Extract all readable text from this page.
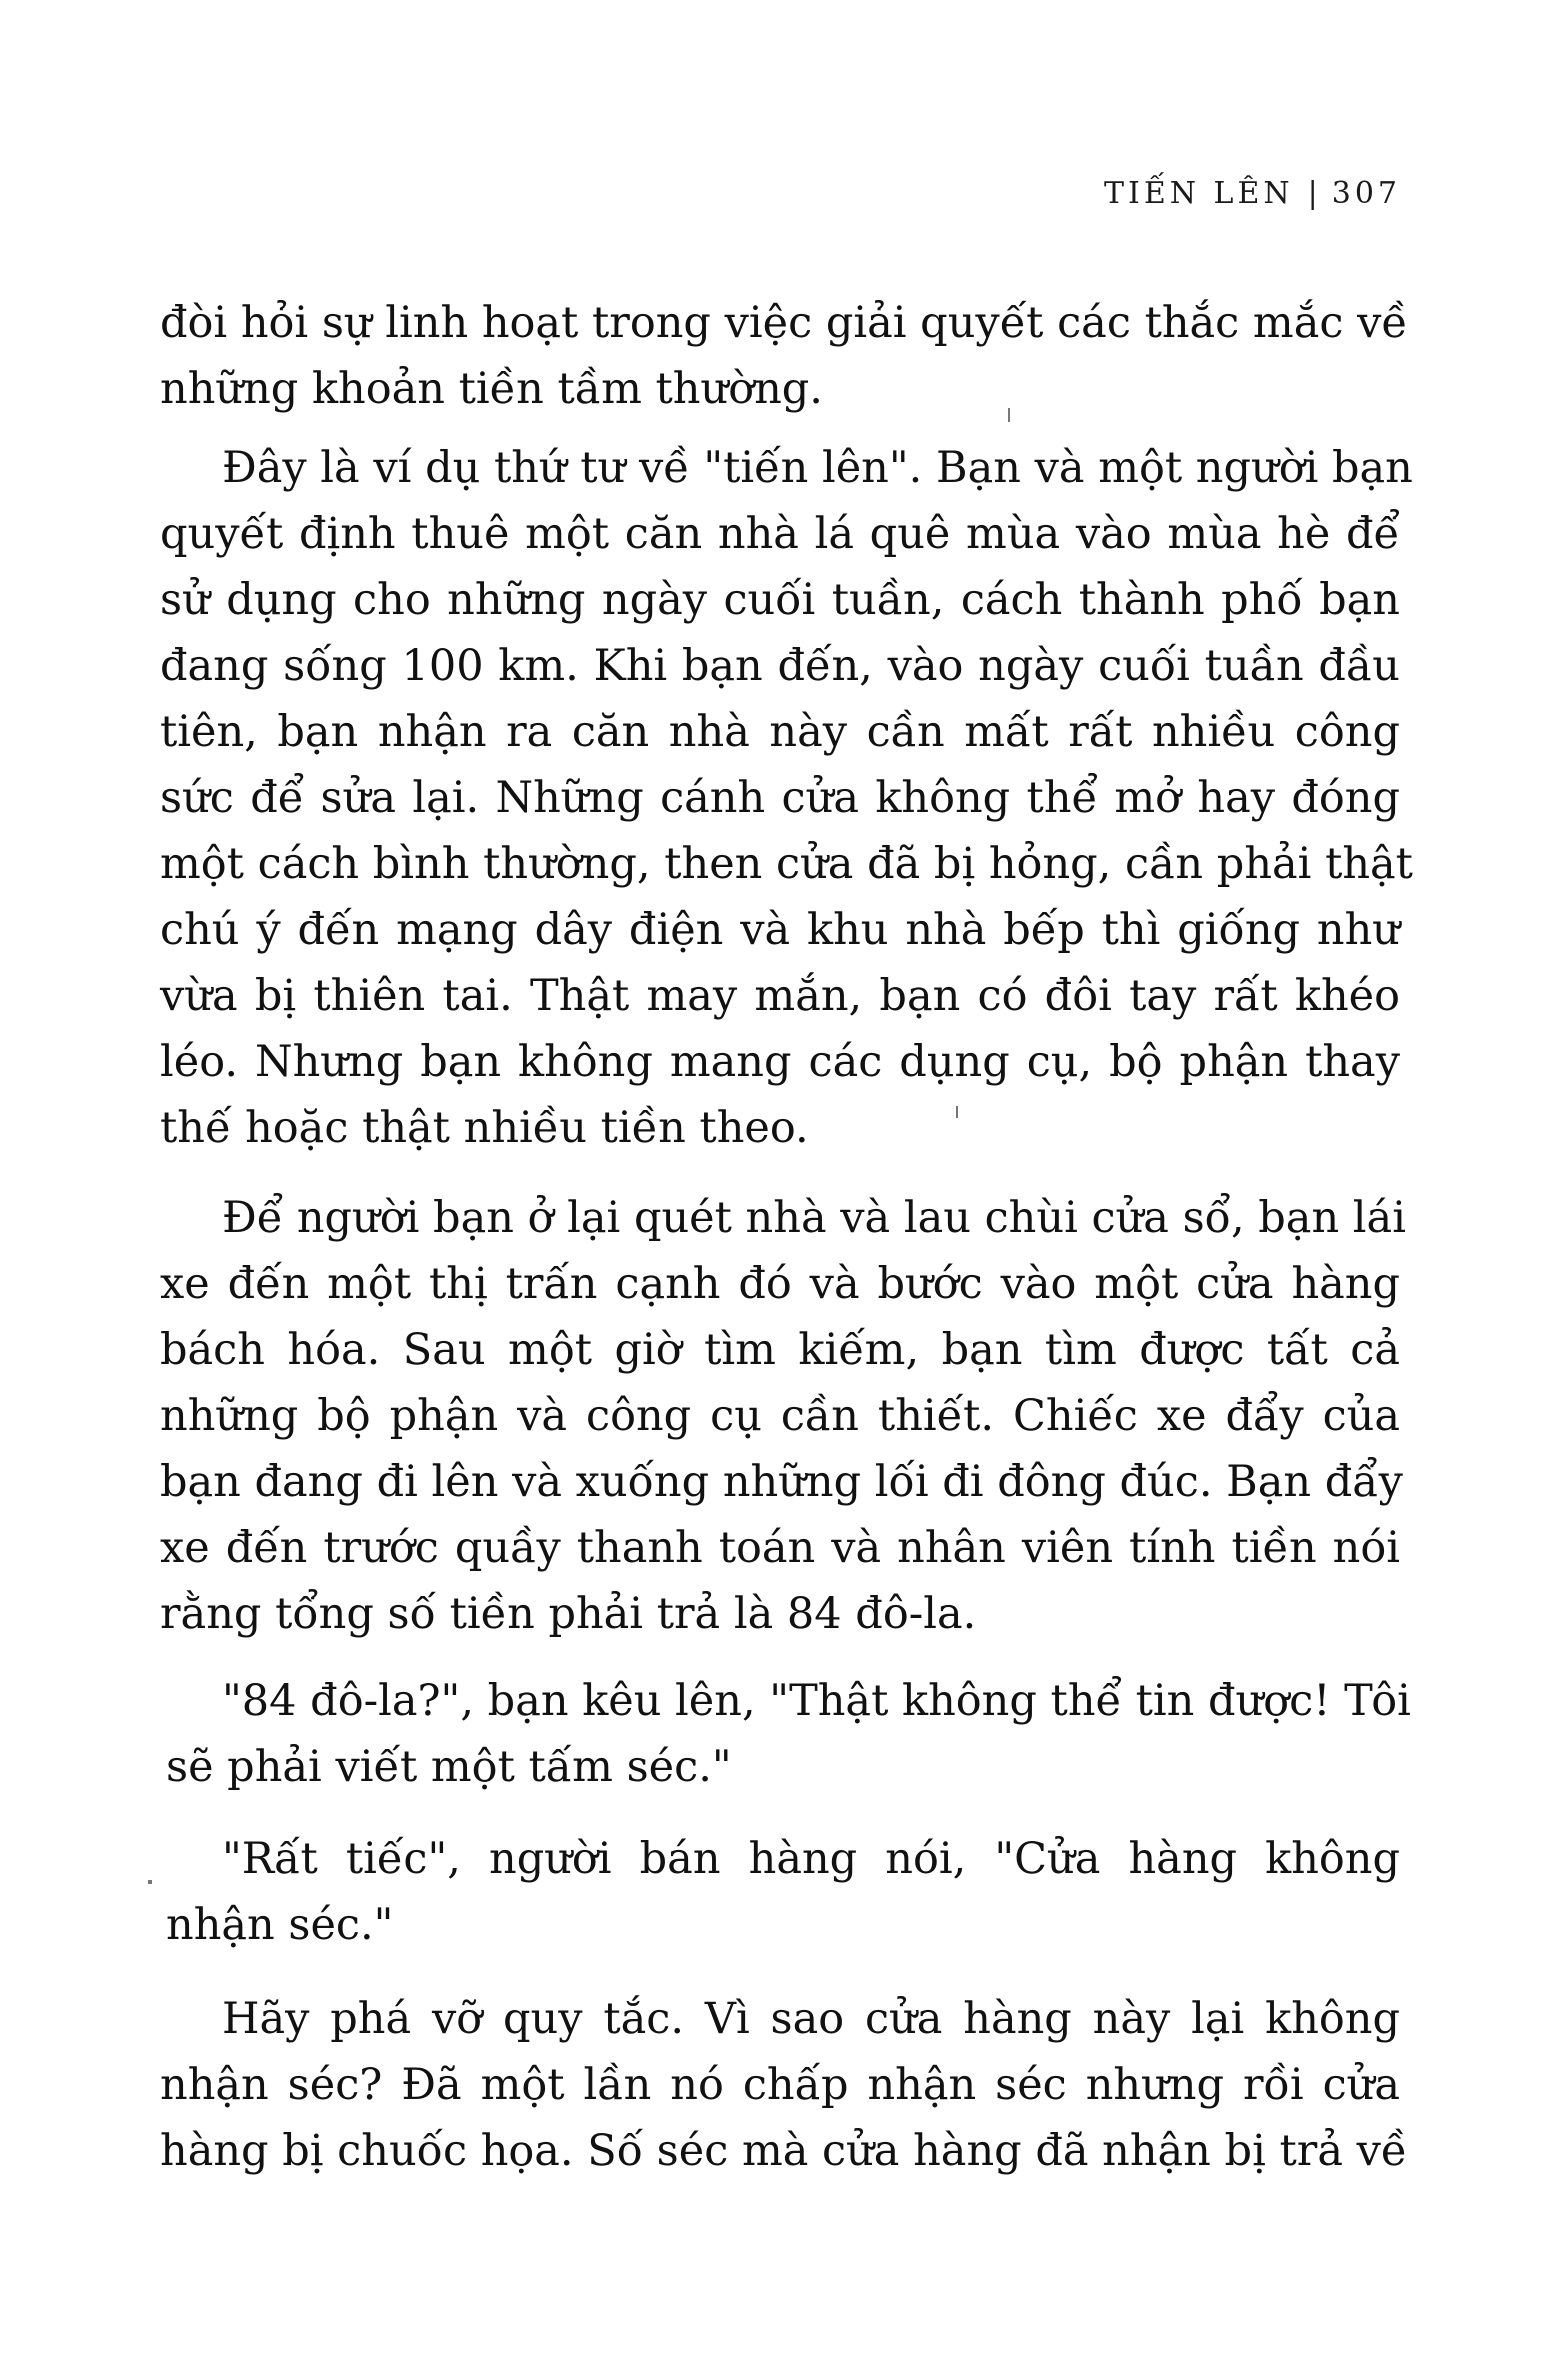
TIẾN LÊN | 307
đòi hỏi sự linh hoạt trong việc giải quyết các thắc mắc về
những khoản tiền tầm thường.
Đây là ví dụ thứ tư về "tiến lên". Bạn và một người bạn
quyết định thuê một căn nhà lá quê mùa vào mùa hè để
sử dụng cho những ngày cuối tuần, cách thành phố bạn
đang sống 100 km. Khi bạn đến, vào ngày cuối tuần đầu
tiên, bạn nhận ra căn nhà này cần mất rất nhiều công
sức để sửa lại. Những cánh cửa không thể mở hay đóng
một cách bình thường, then cửa đã bị hỏng, cần phải thật
chú ý đến mạng dây điện và khu nhà bếp thì giống như
vừa bị thiên tai. Thật may mắn, bạn có đôi tay rất khéo
léo. Nhưng bạn không mang các dụng cụ, bộ phận thay
thế hoặc thật nhiều tiền theo.
Để người bạn ở lại quét nhà và lau chùi cửa sổ, bạn lái
xe đến một thị trấn cạnh đó và bước vào một cửa hàng
bách hóa. Sau một giờ tìm kiếm, bạn tìm được tất cả
những bộ phận và công cụ cần thiết. Chiếc xe đẩy của
bạn đang đi lên và xuống những lối đi đông đúc. Bạn đẩy
xe đến trước quầy thanh toán và nhân viên tính tiền nói
rằng tổng số tiền phải trả là 84 đô-la.
"84 đô-la?", bạn kêu lên, "Thật không thể tin được! Tôi
sẽ phải viết một tấm séc."
"Rất tiếc", người bán hàng nói, "Cửa hàng không
nhận séc."
Hãy phá vỡ quy tắc. Vì sao cửa hàng này lại không
nhận séc? Đã một lần nó chấp nhận séc nhưng rồi cửa
hàng bị chuốc họa. Số séc mà cửa hàng đã nhận bị trả về
